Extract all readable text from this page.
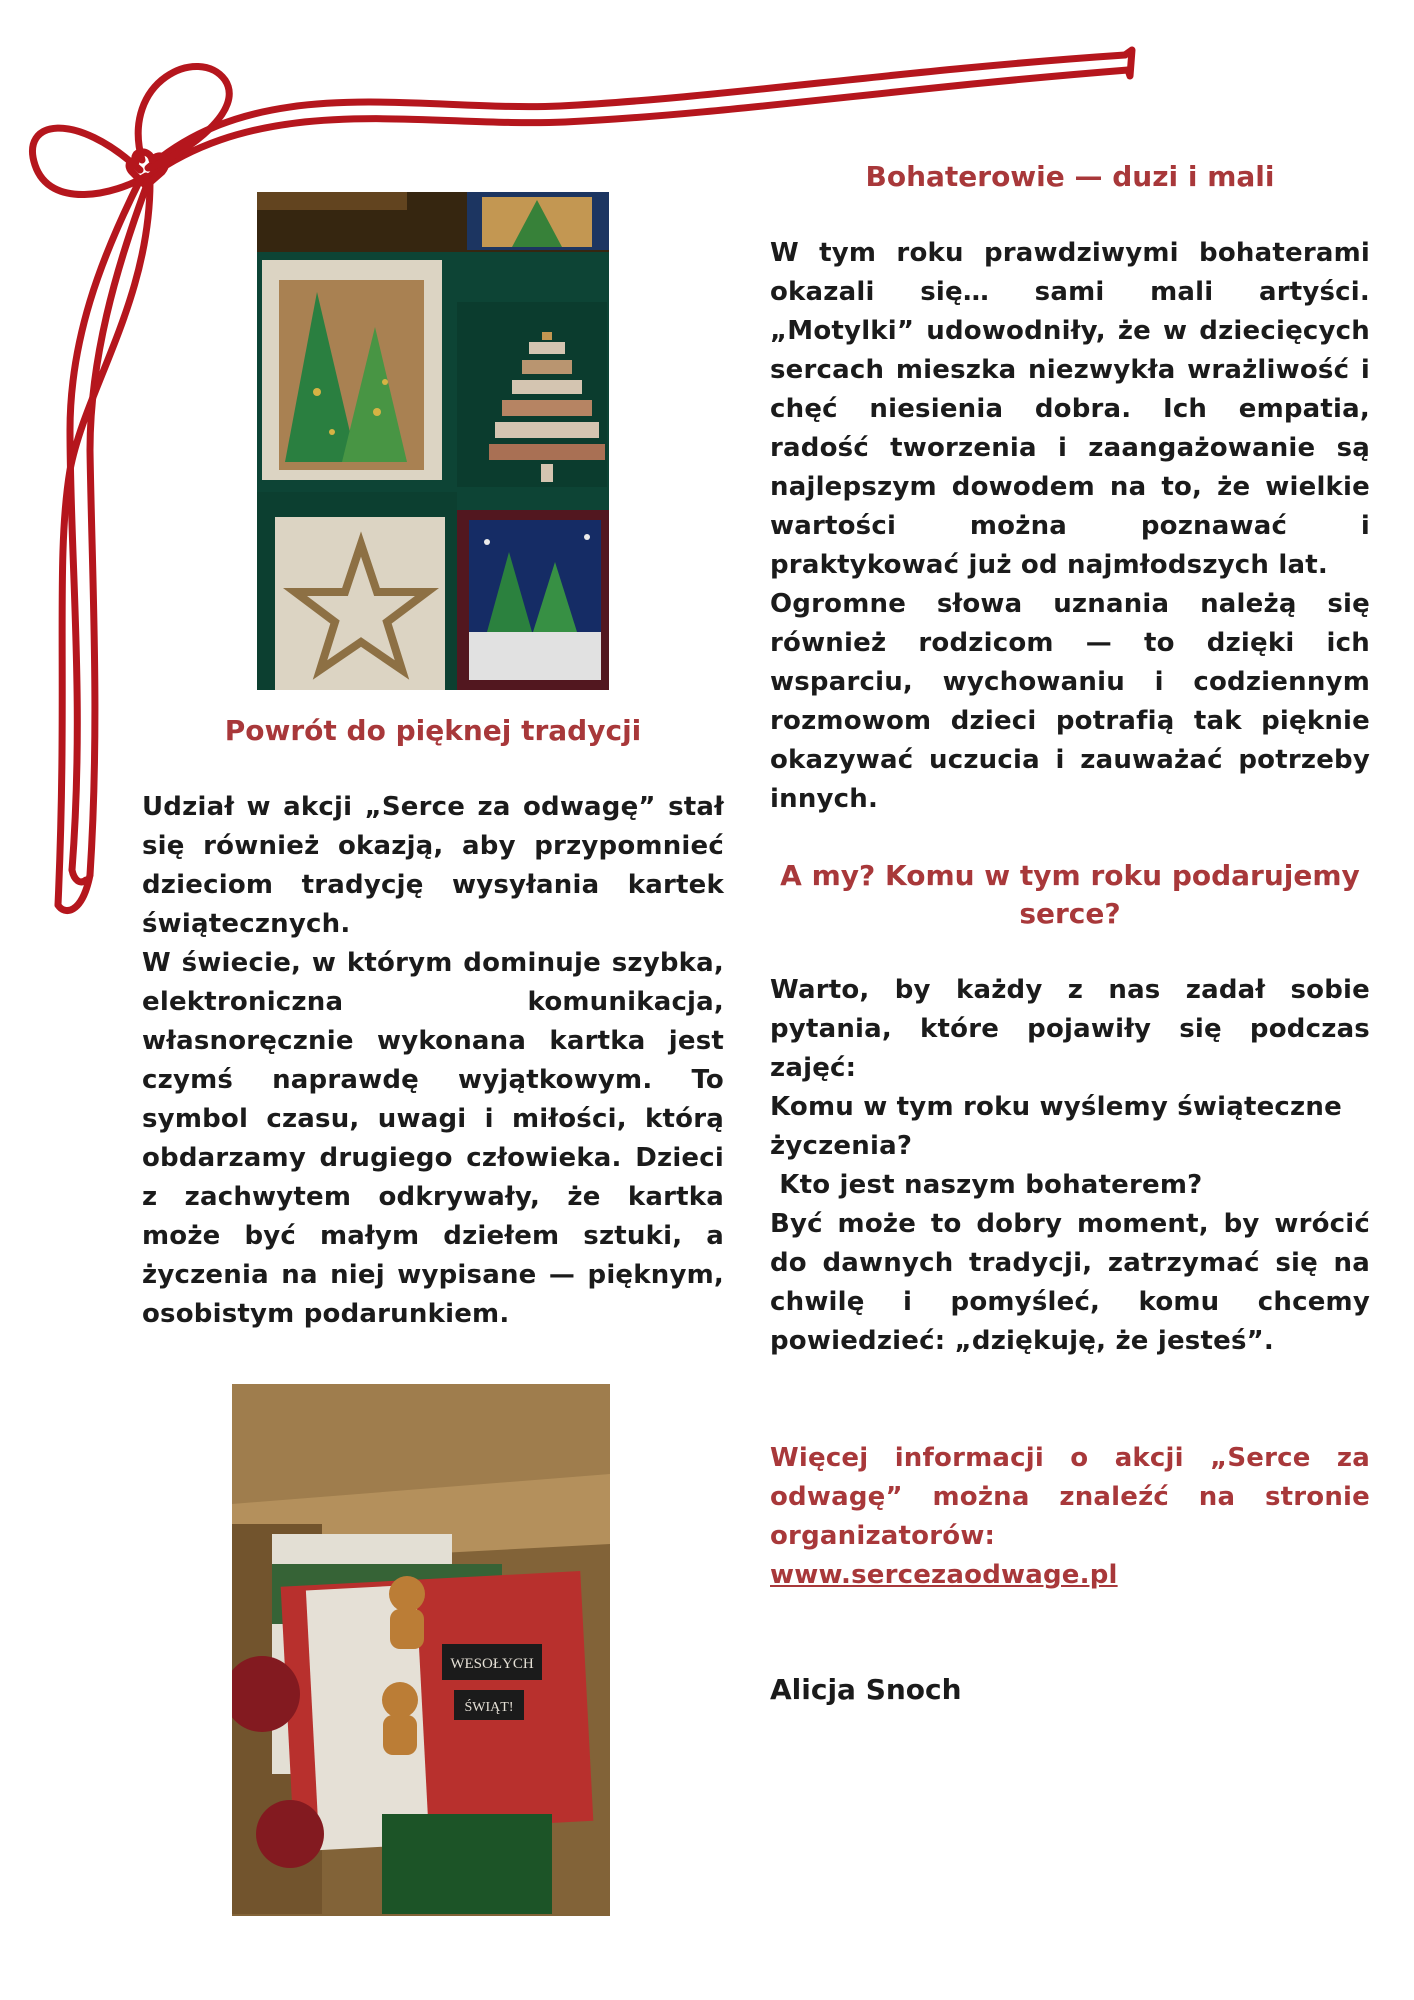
Powrót do pięknej tradycji

Udział w akcji „Serce za odwagę” stał się również okazją, aby przypomnieć dzieciom tradycję wysyłania kartek świątecznych.

W świecie, w którym dominuje szybka, elektroniczna komunikacja, własnoręcznie wykonana kartka jest czymś naprawdę wyjątkowym. To symbol czasu, uwagi i miłości, którą obdarzamy drugiego człowieka. Dzieci z zachwytem odkrywały, że kartka może być małym dziełem sztuki, a życzenia na niej wypisane — pięknym, osobistym podarunkiem.

WESOŁYCH
ŚWIĄT!

Bohaterowie — duzi i mali

W tym roku prawdziwymi bohaterami okazali się… sami mali artyści. „Motylki” udowodniły, że w dziecięcych sercach mieszka niezwykła wrażliwość i chęć niesienia dobra. Ich empatia, radość tworzenia i zaangażowanie są najlepszym dowodem na to, że wielkie wartości można poznawać i praktykować już od najmłodszych lat.

Ogromne słowa uznania należą się również rodzicom — to dzięki ich wsparciu, wychowaniu i codziennym rozmowom dzieci potrafią tak pięknie okazywać uczucia i zauważać potrzeby innych.

A my? Komu w tym roku podarujemy serce?

Warto, by każdy z nas zadał sobie pytania, które pojawiły się podczas zajęć:

Komu w tym roku wyślemy świąteczne życzenia?

Kto jest naszym bohaterem?

Być może to dobry moment, by wrócić do dawnych tradycji, zatrzymać się na chwilę i pomyśleć, komu chcemy powiedzieć: „dziękuję, że jesteś”.

Więcej informacji o akcji „Serce za odwagę” można znaleźć na stronie organizatorów:

www.sercezaodwage.pl

Alicja Snoch
